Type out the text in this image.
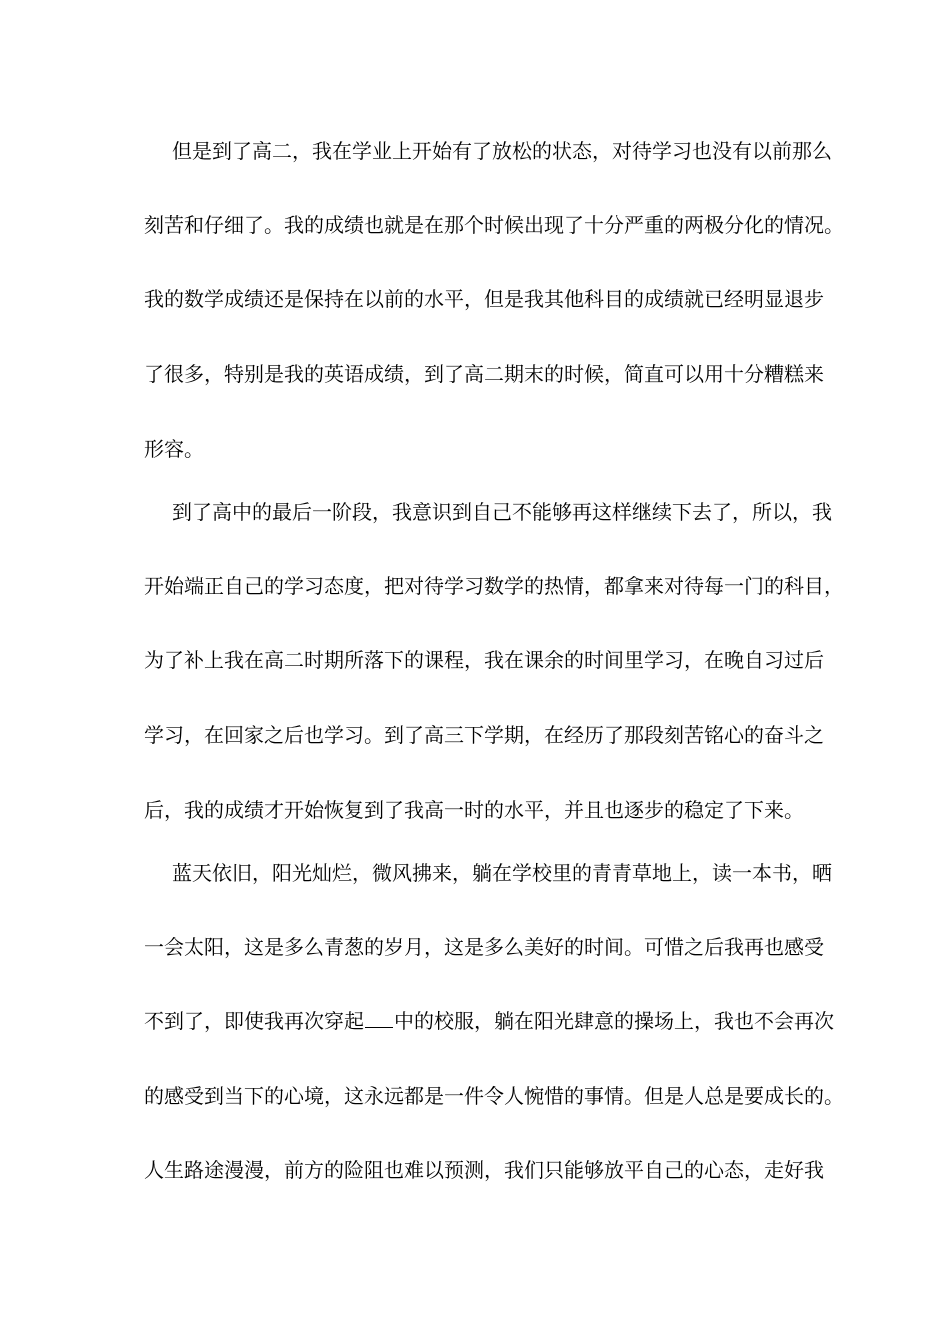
但是到了高二，我在学业上开始有了放松的状态，对待学习也没有以前那么
刻苦和仔细了。我的成绩也就是在那个时候出现了十分严重的两极分化的情况。
我的数学成绩还是保持在以前的水平，但是我其他科目的成绩就已经明显退步
了很多，特别是我的英语成绩，到了高二期末的时候，简直可以用十分糟糕来
形容。
到了高中的最后一阶段，我意识到自己不能够再这样继续下去了，所以，我
开始端正自己的学习态度，把对待学习数学的热情，都拿来对待每一门的科目，
为了补上我在高二时期所落下的课程，我在课余的时间里学习，在晚自习过后
学习，在回家之后也学习。到了高三下学期，在经历了那段刻苦铭心的奋斗之
后，我的成绩才开始恢复到了我高一时的水平，并且也逐步的稳定了下来。
蓝天依旧，阳光灿烂，微风拂来，躺在学校里的青青草地上，读一本书，晒
一会太阳，这是多么青葱的岁月，这是多么美好的时间。可惜之后我再也感受
不到了，即使我再次穿起 中的校服，躺在阳光肆意的操场上，我也不会再次
的感受到当下的心境，这永远都是一件令人惋惜的事情。但是人总是要成长的。
人生路途漫漫，前方的险阻也难以预测，我们只能够放平自己的心态，走好我
